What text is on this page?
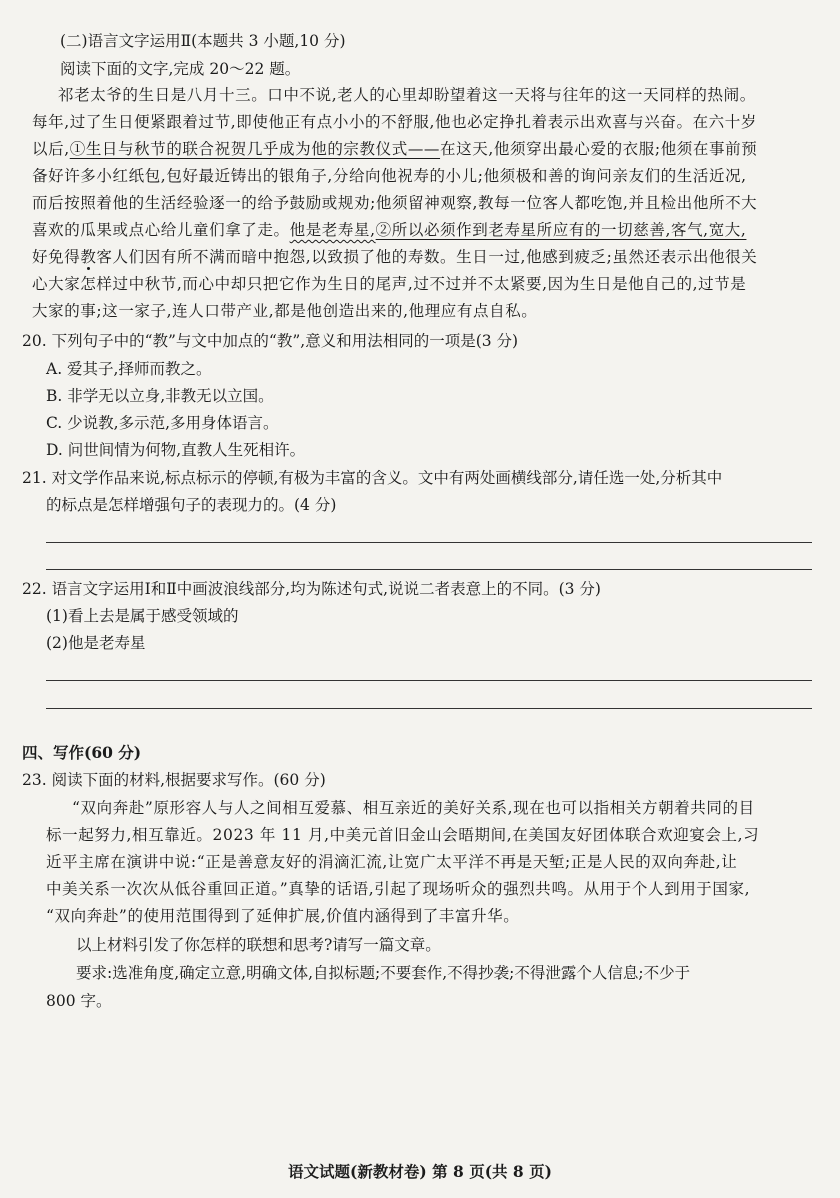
(二)语言文字运用Ⅱ(本题共 3 小题,10 分)
阅读下面的文字,完成 20～22 题。
祁老太爷的生日是八月十三。口中不说,老人的心里却盼望着这一天将与往年的这一天同样的热闹。
每年,过了生日便紧跟着过节,即使他正有点小小的不舒服,他也必定挣扎着表示出欢喜与兴奋。在六十岁
以后,①生日与秋节的联合祝贺几乎成为他的宗教仪式——在这天,他须穿出最心爱的衣服;他须在事前预
备好许多小红纸包,包好最近铸出的银角子,分给向他祝寿的小儿;他须极和善的询问亲友们的生活近况,
而后按照着他的生活经验逐一的给予鼓励或规劝;他须留神观察,教每一位客人都吃饱,并且检出他所不大
喜欢的瓜果或点心给儿童们拿了走。他是老寿星,②所以必须作到老寿星所应有的一切慈善,客气,宽大,
好免得教客人们因有所不满而暗中抱怨,以致损了他的寿数。生日一过,他感到疲乏;虽然还表示出他很关
心大家怎样过中秋节,而心中却只把它作为生日的尾声,过不过并不太紧要,因为生日是他自己的,过节是
大家的事;这一家子,连人口带产业,都是他创造出来的,他理应有点自私。
20. 下列句子中的“教”与文中加点的“教”,意义和用法相同的一项是(3 分)
A. 爱其子,择师而教之。
B. 非学无以立身,非教无以立国。
C. 少说教,多示范,多用身体语言。
D. 问世间情为何物,直教人生死相许。
21. 对文学作品来说,标点标示的停顿,有极为丰富的含义。文中有两处画横线部分,请任选一处,分析其中
的标点是怎样增强句子的表现力的。(4 分)
22. 语言文字运用Ⅰ和Ⅱ中画波浪线部分,均为陈述句式,说说二者表意上的不同。(3 分)
(1)看上去是属于感受领域的
(2)他是老寿星
四、写作(60 分)
23. 阅读下面的材料,根据要求写作。(60 分)
“双向奔赴”原形容人与人之间相互爱慕、相互亲近的美好关系,现在也可以指相关方朝着共同的目
标一起努力,相互靠近。2023 年 11 月,中美元首旧金山会晤期间,在美国友好团体联合欢迎宴会上,习
近平主席在演讲中说:“正是善意友好的涓滴汇流,让宽广太平洋不再是天堑;正是人民的双向奔赴,让
中美关系一次次从低谷重回正道。”真挚的话语,引起了现场听众的强烈共鸣。从用于个人到用于国家,
“双向奔赴”的使用范围得到了延伸扩展,价值内涵得到了丰富升华。
以上材料引发了你怎样的联想和思考?请写一篇文章。
要求:选准角度,确定立意,明确文体,自拟标题;不要套作,不得抄袭;不得泄露个人信息;不少于
800 字。
语文试题(新教材卷) 第 8 页(共 8 页)
